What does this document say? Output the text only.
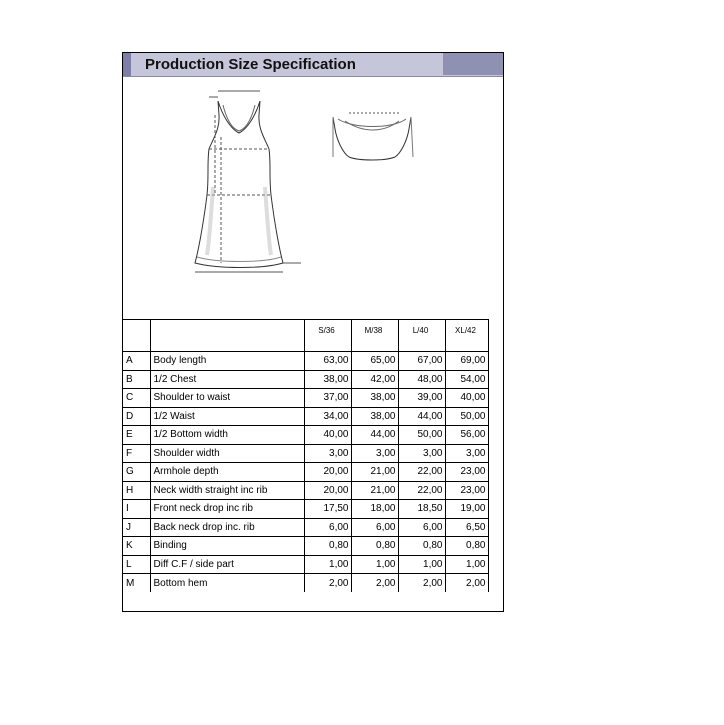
Production Size Specification
		S/36	M/38	L/40	XL/42
A	Body length	63,00	65,00	67,00	69,00
B	1/2 Chest	38,00	42,00	48,00	54,00
C	Shoulder to waist	37,00	38,00	39,00	40,00
D	1/2 Waist	34,00	38,00	44,00	50,00
E	1/2 Bottom width	40,00	44,00	50,00	56,00
F	Shoulder width	3,00	3,00	3,00	3,00
G	Armhole depth	20,00	21,00	22,00	23,00
H	Neck width straight inc rib	20,00	21,00	22,00	23,00
I	Front neck drop inc rib	17,50	18,00	18,50	19,00
J	Back neck drop inc. rib	6,00	6,00	6,00	6,50
K	Binding	0,80	0,80	0,80	0,80
L	Diff C.F / side part	1,00	1,00	1,00	1,00
M	Bottom hem	2,00	2,00	2,00	2,00
